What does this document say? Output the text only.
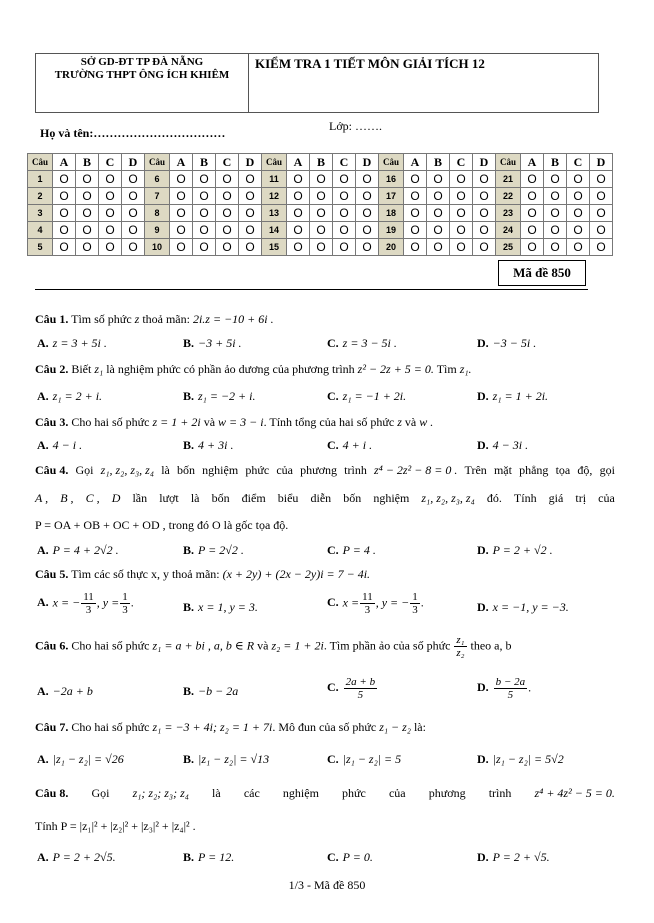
SỞ GD-ĐT TP ĐÀ NẴNG
TRƯỜNG THPT ÔNG ÍCH KHIÊM
KIỂM TRA 1 TIẾT MÔN GIẢI TÍCH 12
Lớp: …….
Họ và tên:……………………………
Câu	A	B	C	D	Câu	A	B	C	D	Câu	A	B	C	D	Câu	A	B	C	D	Câu	A	B	C	D
1	O	O	O	O	6	O	O	O	O	11	O	O	O	O	16	O	O	O	O	21	O	O	O	O
2	O	O	O	O	7	O	O	O	O	12	O	O	O	O	17	O	O	O	O	22	O	O	O	O
3	O	O	O	O	8	O	O	O	O	13	O	O	O	O	18	O	O	O	O	23	O	O	O	O
4	O	O	O	O	9	O	O	O	O	14	O	O	O	O	19	O	O	O	O	24	O	O	O	O
5	O	O	O	O	10	O	O	O	O	15	O	O	O	O	20	O	O	O	O	25	O	O	O	O
Mã đề 850
Câu 1. Tìm số phức z thoả mãn: 2i.z = −10 + 6i .
Câu 2. Biết z₁ là nghiệm phức có phần ảo dương của phương trình z² − 2z + 5 = 0. Tìm z₁.
Câu 3. Cho hai số phức z = 1 + 2i và w = 3 − i. Tính tổng của hai số phức z và w .
Câu 4. Gọi z₁, z₂, z₃, z₄ là bốn nghiệm phức của phương trình z⁴ − 2z² − 8 = 0 . Trên mặt phẳng tọa độ, gọi
A , B , C , D lần lượt là bốn điểm biểu diễn bốn nghiệm z₁, z₂, z₃, z₄ đó. Tính giá trị của
P = OA + OB + OC + OD , trong đó O là gốc tọa độ.
Câu 5. Tìm các số thực x, y thoả mãn: (x + 2y) + (2x − 2y)i = 7 − 4i.
A. x = − $\frac{11}{3}$ , $y = \frac{1}{3}$ .	B. x = 1, y = 3.	C. $x = \frac{11}{3}$ , y = − $\frac{1}{3}$ .	D. x = −1, y = −3.
Câu 6. Cho hai số phức z₁ = a + bi , a, b ∈ R và z₂ = 1 + 2i. Tìm phần ảo của số phức $\frac{\text{z₁}}{\text{z₂}}$ theo a, b
A. −2a + b	B. −b − 2a	C. $\frac{2a + b}{5}$	D. $\frac{b - 2a}{5}$ .
Câu 7. Cho hai số phức z₁ = −3 + 4i; z₂ = 1 + 7i. Mô đun của số phức z₁ − z₂ là:
Câu 8. Gọi z₁; z₂; z₃; z₄ là các nghiệm phức của phương trình z⁴ + 4z² − 5 = 0.
Tính P = |z₁|² + |z₂|² + |z₃|² + |z₄|² .
1/3 - Mã đề 850
A. z = 3 + 5i .	B. −3 + 5i .	C. z = 3 − 5i .	D. −3 − 5i .
A. z₁ = 2 + i.	B. z₁ = −2 + i.	C. z₁ = −1 + 2i.	D. z₁ = 1 + 2i.
A. 4 − i .	B. 4 + 3i .	C. 4 + i .	D. 4 − 3i .
A. P = 4 + 2√2 .	B. P = 2√2 .	C. P = 4 .	D. P = 2 + √2 .
A. |z₁ − z₂| = √26	B. |z₁ − z₂| = √13	C. |z₁ − z₂| = 5	D. |z₁ − z₂| = 5√2
A. P = 2 + 2√5.	B. P = 12.	C. P = 0.	D. P = 2 + √5.
